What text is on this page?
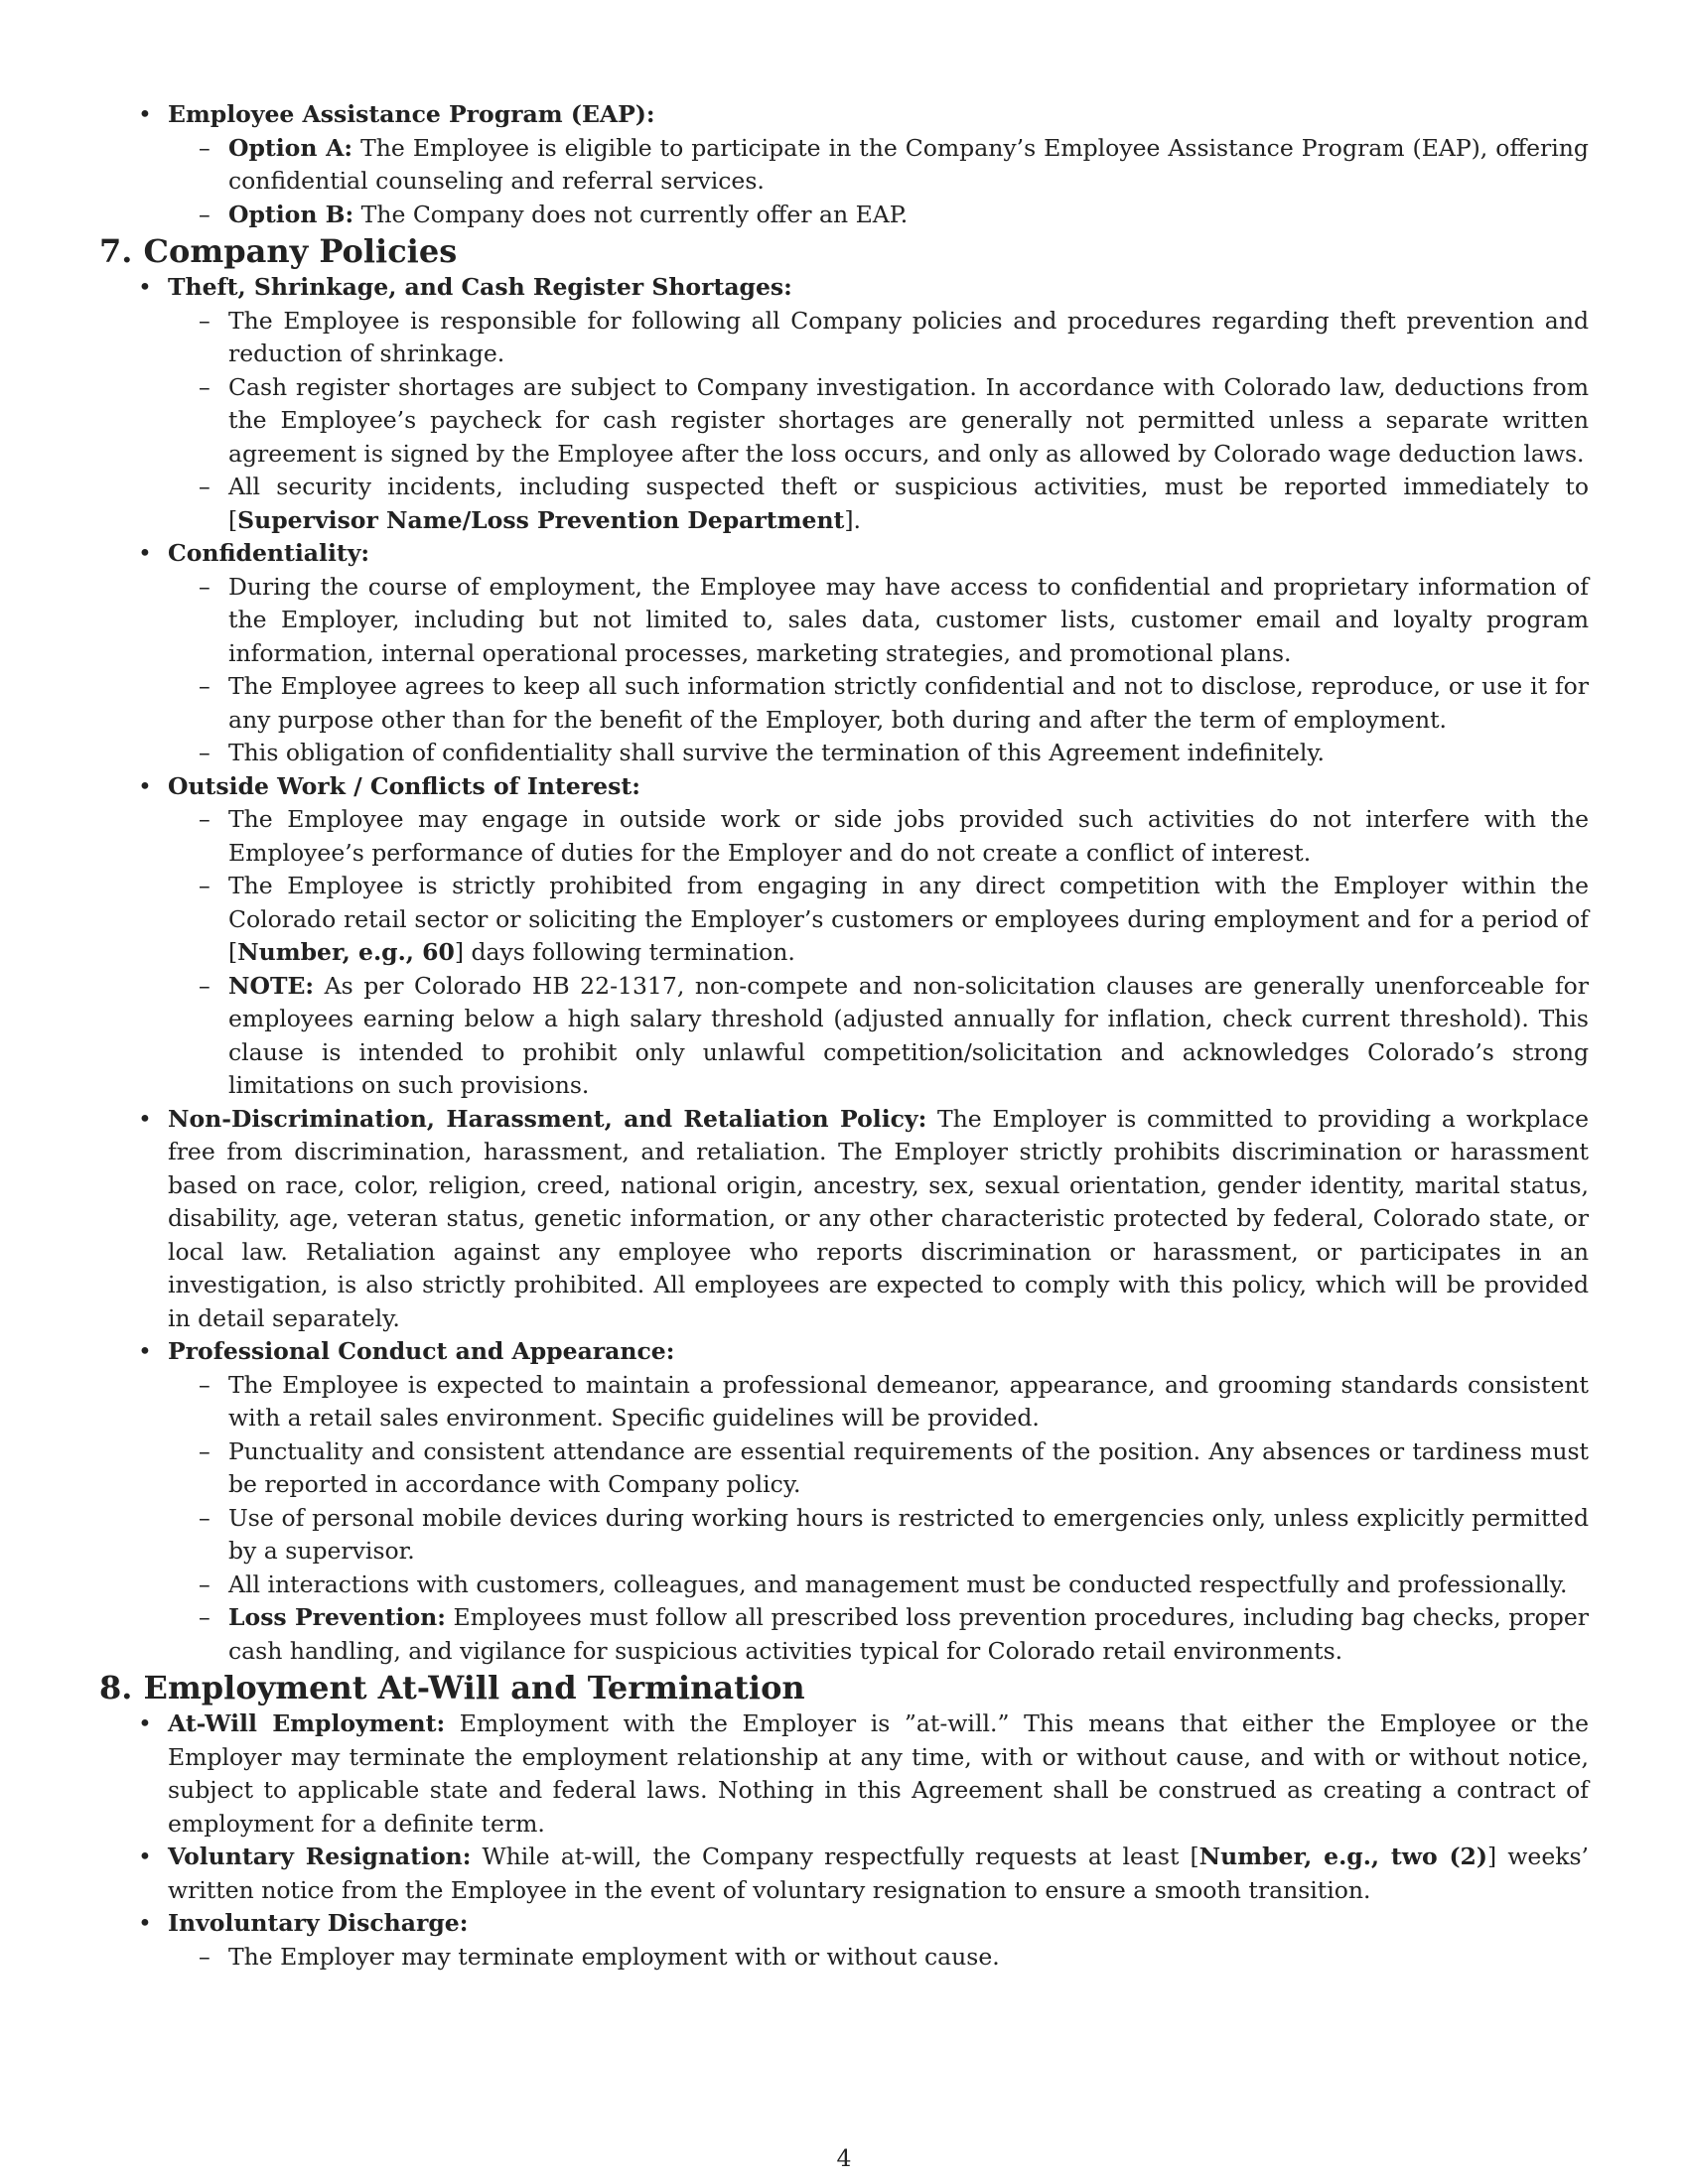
• Employee Assistance Program (EAP):
– Option A: The Employee is eligible to participate in the Company’s Employee Assistance Program (EAP), offering confidential counseling and referral services.
– Option B: The Company does not currently offer an EAP.
7. Company Policies
• Theft, Shrinkage, and Cash Register Shortages:
– The Employee is responsible for following all Company policies and procedures regarding theft prevention and reduction of shrinkage.
– Cash register shortages are subject to Company investigation. In accordance with Colorado law, deductions from the Employee’s paycheck for cash register shortages are generally not permitted unless a separate written agreement is signed by the Employee after the loss occurs, and only as allowed by Colorado wage deduction laws.
– All security incidents, including suspected theft or suspicious activities, must be reported immediately to [Supervisor Name/Loss Prevention Department].
• Confidentiality:
– During the course of employment, the Employee may have access to confidential and proprietary information of the Employer, including but not limited to, sales data, customer lists, customer email and loyalty program information, internal operational processes, marketing strategies, and promotional plans.
– The Employee agrees to keep all such information strictly confidential and not to disclose, reproduce, or use it for any purpose other than for the benefit of the Employer, both during and after the term of employment.
– This obligation of confidentiality shall survive the termination of this Agreement indefinitely.
• Outside Work / Conflicts of Interest:
– The Employee may engage in outside work or side jobs provided such activities do not interfere with the Employee’s performance of duties for the Employer and do not create a conflict of interest.
– The Employee is strictly prohibited from engaging in any direct competition with the Employer within the Colorado retail sector or soliciting the Employer’s customers or employees during employment and for a period of [Number, e.g., 60] days following termination.
– NOTE: As per Colorado HB 22-1317, non-compete and non-solicitation clauses are generally unenforceable for employees earning below a high salary threshold (adjusted annually for inflation, check current threshold). This clause is intended to prohibit only unlawful competition/solicitation and acknowledges Colorado’s strong limitations on such provisions.
• Non-Discrimination, Harassment, and Retaliation Policy: The Employer is committed to providing a workplace free from discrimination, harassment, and retaliation. The Employer strictly prohibits discrimination or harassment based on race, color, religion, creed, national origin, ancestry, sex, sexual orientation, gender identity, marital status, disability, age, veteran status, genetic information, or any other characteristic protected by federal, Colorado state, or local law. Retaliation against any employee who reports discrimination or harassment, or participates in an investigation, is also strictly prohibited. All employees are expected to comply with this policy, which will be provided in detail separately.
• Professional Conduct and Appearance:
– The Employee is expected to maintain a professional demeanor, appearance, and grooming standards consistent with a retail sales environment. Specific guidelines will be provided.
– Punctuality and consistent attendance are essential requirements of the position. Any absences or tardiness must be reported in accordance with Company policy.
– Use of personal mobile devices during working hours is restricted to emergencies only, unless explicitly permitted by a supervisor.
– All interactions with customers, colleagues, and management must be conducted respectfully and professionally.
– Loss Prevention: Employees must follow all prescribed loss prevention procedures, including bag checks, proper cash handling, and vigilance for suspicious activities typical for Colorado retail environments.
8. Employment At-Will and Termination
• At-Will Employment: Employment with the Employer is ”at-will.” This means that either the Employee or the Employer may terminate the employment relationship at any time, with or without cause, and with or without notice, subject to applicable state and federal laws. Nothing in this Agreement shall be construed as creating a contract of employment for a definite term.
• Voluntary Resignation: While at-will, the Company respectfully requests at least [Number, e.g., two (2)] weeks’ written notice from the Employee in the event of voluntary resignation to ensure a smooth transition.
• Involuntary Discharge:
– The Employer may terminate employment with or without cause.
4
